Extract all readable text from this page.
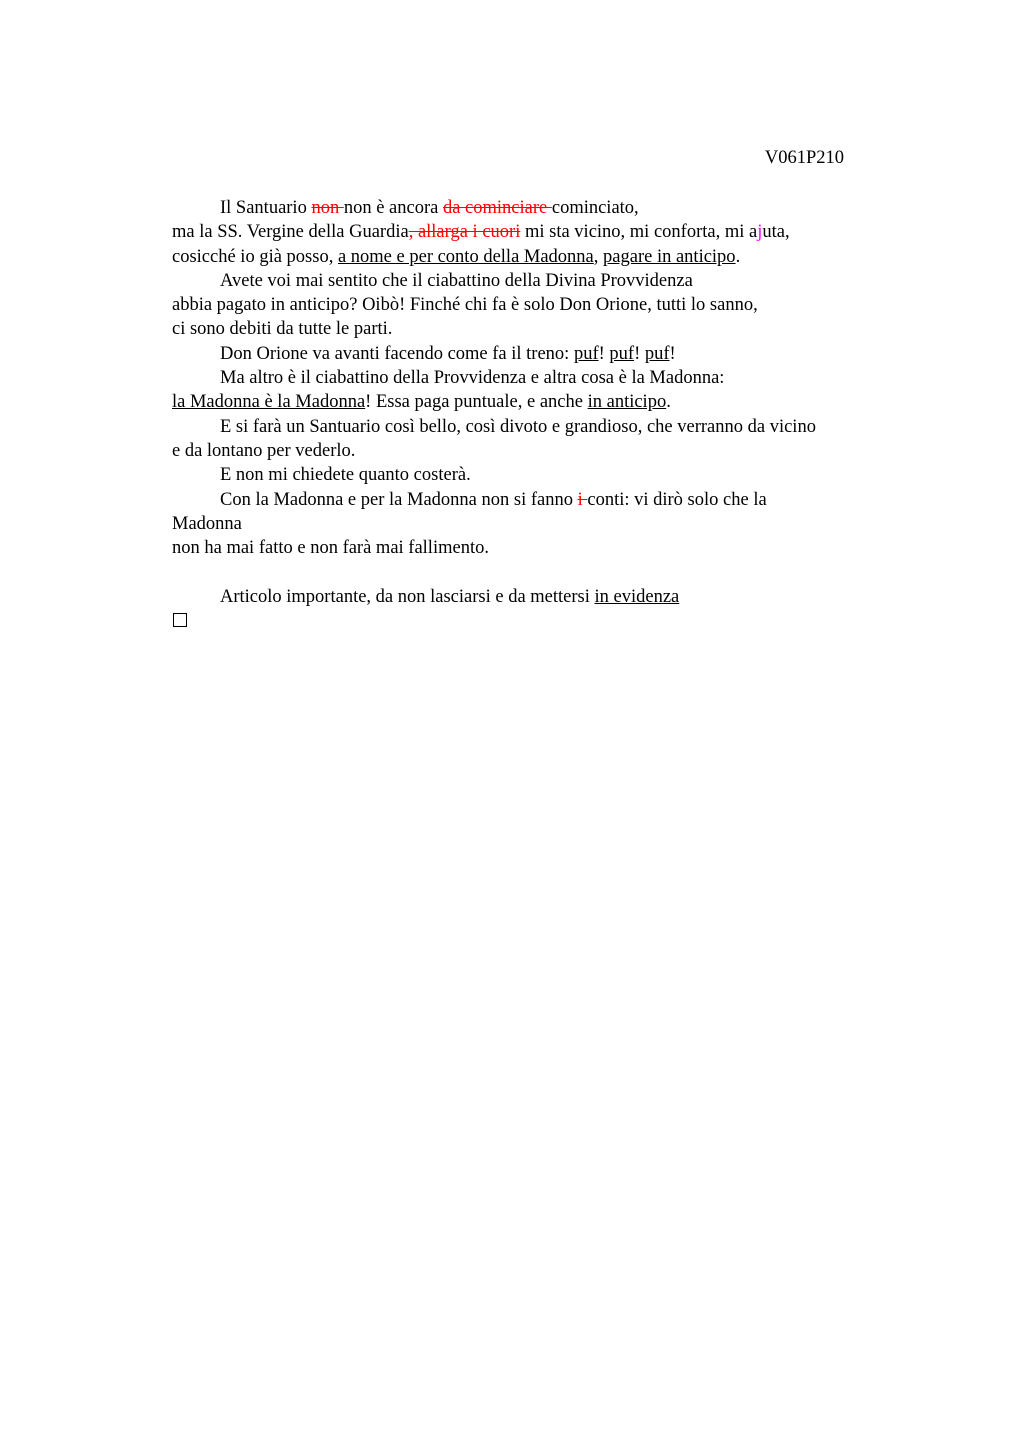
V061P210
Il Santuario non non è ancora da cominciare cominciato,
ma la SS. Vergine della Guardia, allarga i cuori mi sta vicino, mi conforta, mi ajuta,
cosicché io già posso, a nome e per conto della Madonna, pagare in anticipo.
Avete voi mai sentito che il ciabattino della Divina Provvidenza
abbia pagato in anticipo? Oibò! Finché chi fa è solo Don Orione, tutti lo sanno,
ci sono debiti da tutte le parti.
Don Orione va avanti facendo come fa il treno: puf! puf! puf!
Ma altro è il ciabattino della Provvidenza e altra cosa è la Madonna:
la Madonna è la Madonna! Essa paga puntuale, e anche in anticipo.
E si farà un Santuario così bello, così divoto e grandioso, che verranno da vicino
e da lontano per vederlo.
E non mi chiedete quanto costerà.
Con la Madonna e per la Madonna non si fanno i conti: vi dirò solo che la
Madonna
non ha mai fatto e non farà mai fallimento.
Articolo importante, da non lasciarsi e da mettersi in evidenza
